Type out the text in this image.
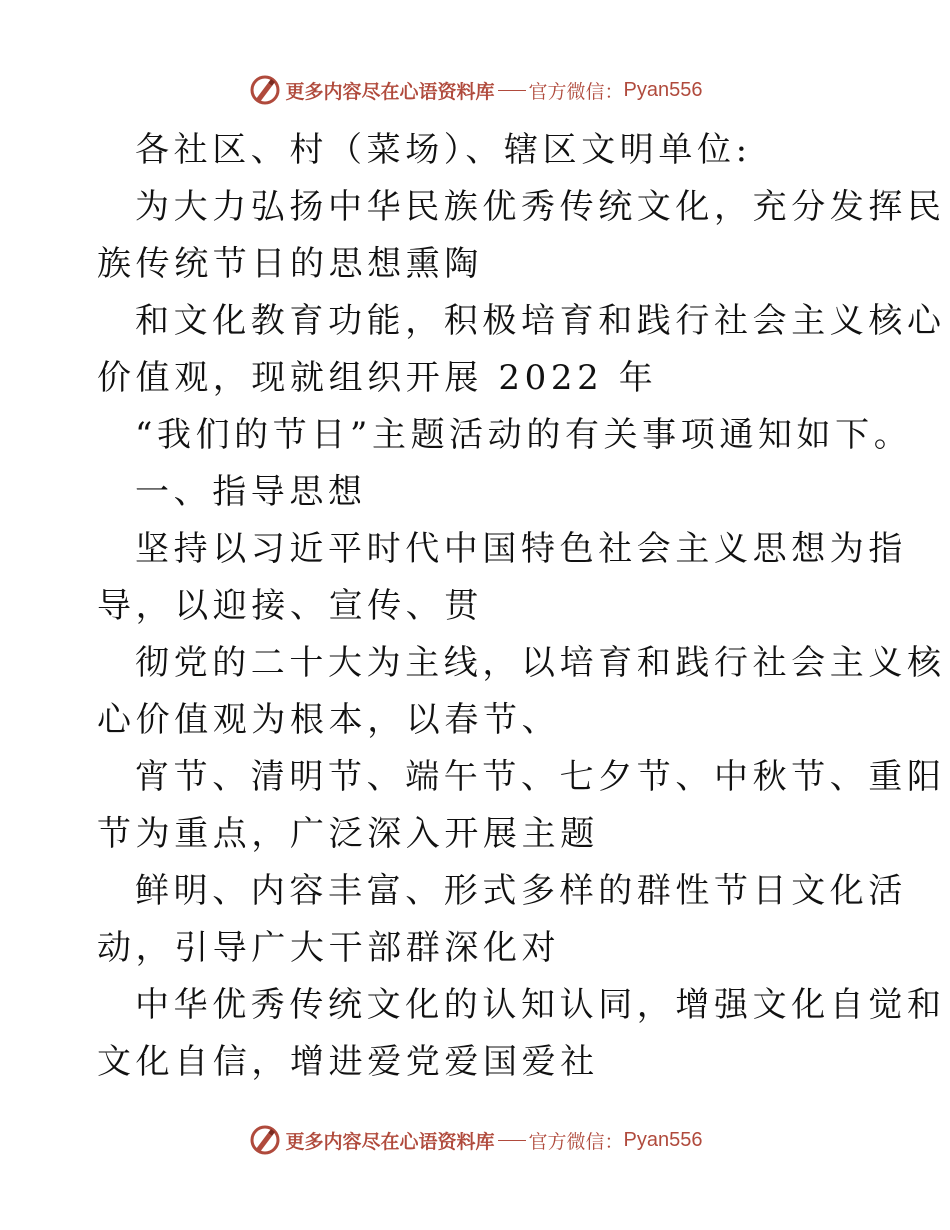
更多内容尽在心语资料库 官方微信： Pyan556
各社区、村（菜场）、辖区文明单位:
为大力弘扬中华民族优秀传统文化，充分发挥民
族传统节日的思想熏陶
和文化教育功能，积极培育和践行社会主义核心
价值观，现就组织开展 2022 年
“我们的节日”主题活动的有关事项通知如下。
一、指导思想
坚持以习近平时代中国特色社会主义思想为指
导，以迎接、宣传、贯
彻党的二十大为主线，以培育和践行社会主义核
心价值观为根本，以春节、
宵节、清明节、端午节、七夕节、中秋节、重阳
节为重点，广泛深入开展主题
鲜明、内容丰富、形式多样的群性节日文化活
动，引导广大干部群深化对
中华优秀传统文化的认知认同，增强文化自觉和
文化自信，增进爱党爱国爱社
更多内容尽在心语资料库 官方微信： Pyan556
